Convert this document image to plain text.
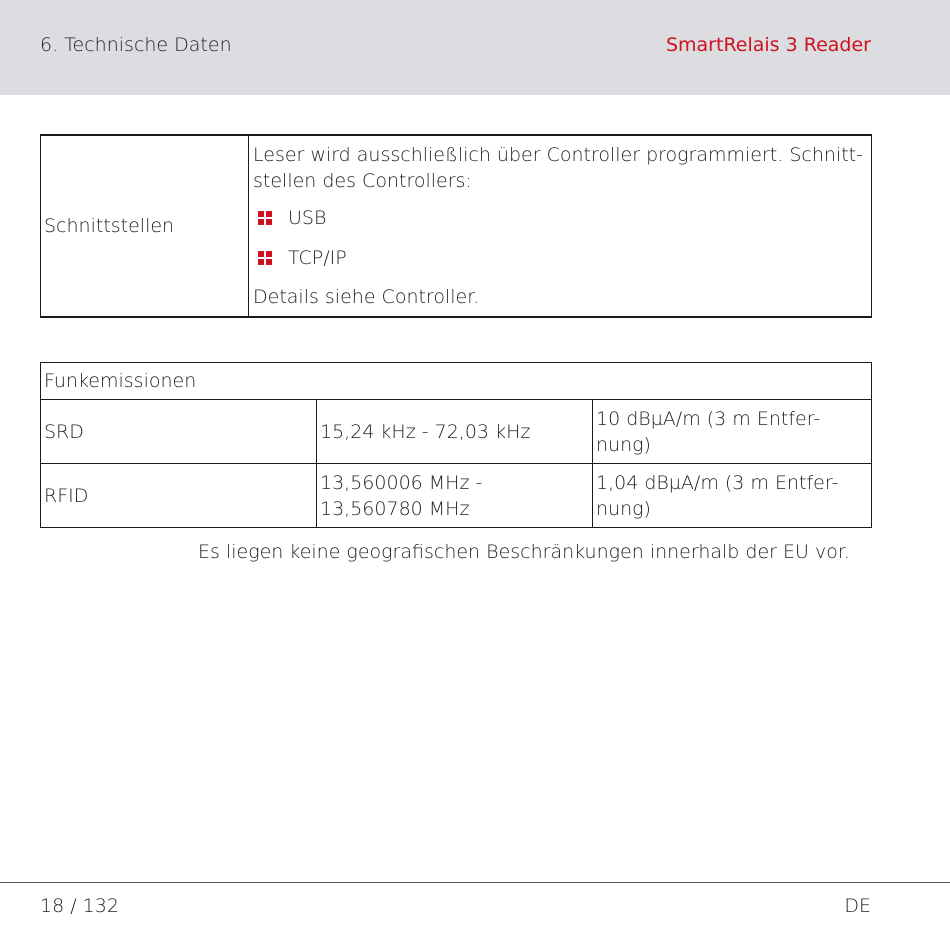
6. Technische Daten	SmartRelais 3 Reader
Schnittstellen	

Leser wird ausschließlich über Controller programmiert. Schnitt-
stellen des Controllers:

USB
TCP/IP

Details siehe Controller.

Funkemissionen		
SRD	15,24 kHz - 72,03 kHz	10 dBµA/m (3 m Entfer-
nung)
RFID	13,560006 MHz -
13,560780 MHz	1,04 dBµA/m (3 m Entfer-
nung)
Es liegen keine geografischen Beschränkungen innerhalb der EU vor.
18 / 132	DE
